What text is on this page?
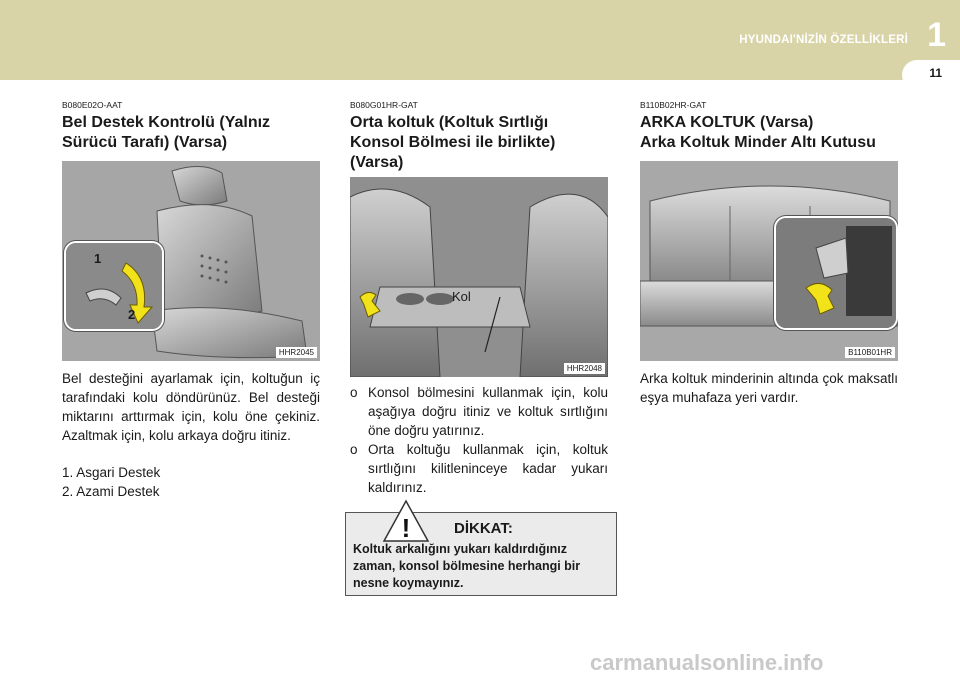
HYUNDAI'NİZİN ÖZELLİKLERİ 1
11
B080E02O-AAT
Bel Destek Kontrolü (Yalnız
Sürücü Tarafı) (Varsa)
1
2
HHR2045

Bel desteğini ayarlamak için, koltuğun iç tarafındaki kolu döndürünüz. Bel desteği miktarını arttırmak için, kolu öne çekiniz. Azaltmak için, kolu arkaya doğru itiniz.

1. Asgari Destek
2. Azami Destek
B080G01HR-GAT
Orta koltuk (Koltuk Sırtlığı
Konsol Bölmesi ile birlikte)
(Varsa)
Kol
HHR2048
o Konsol bölmesini kullanmak için, kolu aşağıya doğru itiniz ve koltuk sırtlığını öne doğru yatırınız.
o Orta koltuğu kullanmak için, koltuk sırtlığını kilitleninceye kadar yukarı kaldırınız.
!	DİKKAT:
Koltuk arkalığını yukarı kaldırdığınız zaman, konsol bölmesine herhangi bir nesne koymayınız.
B110B02HR-GAT
ARKA KOLTUK (Varsa)
Arka Koltuk Minder Altı Kutusu
B110B01HR

Arka koltuk minderinin altında çok maksatlı eşya muhafaza yeri vardır.

carmanualsonline.info
